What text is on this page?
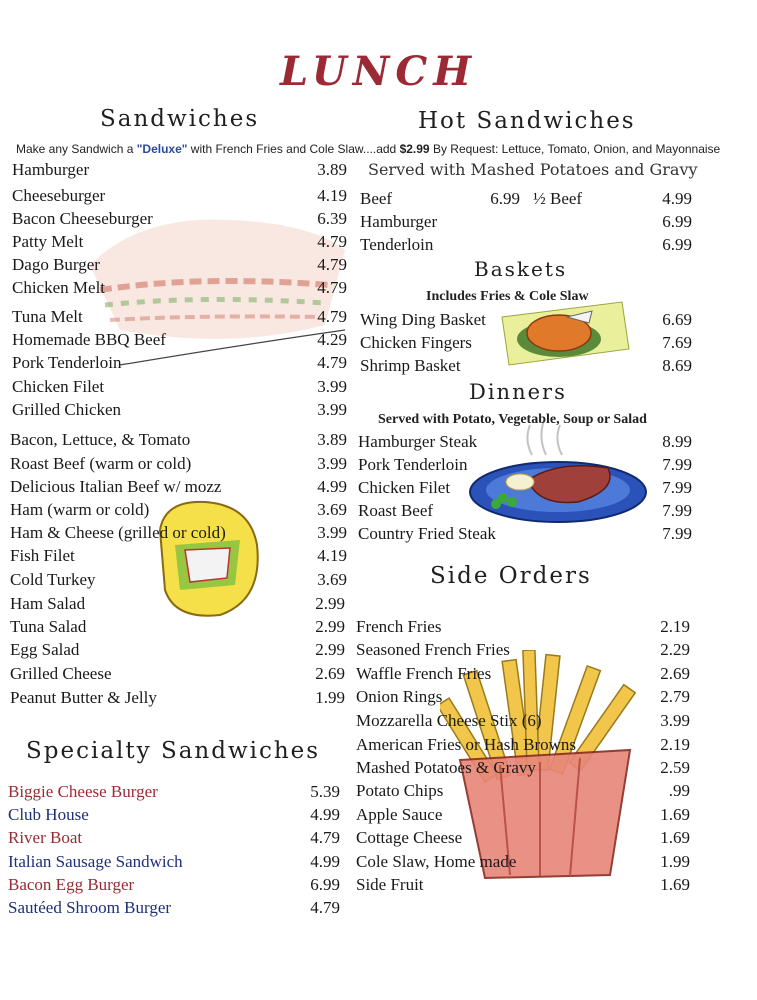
LUNCH
Sandwiches	Hot Sandwiches
Make any Sandwich a "Deluxe" with French Fries and Cole Slaw....add $2.99 By Request: Lettuce, Tomato, Onion, and Mayonnaise
Served with Mashed Potatoes and Gravy
Beef	6.99 ½ Beef	4.99
Hamburger	6.99
Tenderloin	6.99
Baskets
Includes Fries & Cole Slaw
Wing Ding Basket	6.69
Chicken Fingers	7.69
Shrimp Basket	8.69
Dinners
Served with Potato, Vegetable, Soup or Salad
Hamburger Steak	8.99
Pork Tenderloin	7.99
Chicken Filet	7.99
Roast Beef	7.99
Country Fried Steak	7.99
Side Orders
French Fries	2.19
Seasoned French Fries	2.29
Waffle French Fries	2.69
Onion Rings	2.79
Mozzarella Cheese Stix (6)	3.99
American Fries or Hash Browns	2.19
Mashed Potatoes & Gravy	2.59
Potato Chips	.99
Apple Sauce	1.69
Cottage Cheese	1.69
Cole Slaw, Home made	1.99
Side Fruit	1.69
Hamburger	3.89
Cheeseburger	4.19
Bacon Cheeseburger	6.39
Patty Melt	4.79
Dago Burger	4.79
Chicken Melt	4.79
Tuna Melt	4.79
Homemade BBQ Beef	4.29
Pork Tenderloin	4.79
Chicken Filet	3.99
Grilled Chicken	3.99
Bacon, Lettuce, & Tomato	3.89
Roast Beef (warm or cold)	3.99
Delicious Italian Beef w/ mozz	4.99
Ham (warm or cold)	3.69
Ham & Cheese (grilled or cold)	3.99
Fish Filet	4.19
Cold Turkey	3.69
Ham Salad	2.99
Tuna Salad	2.99
Egg Salad	2.99
Grilled Cheese	2.69
Peanut Butter & Jelly	1.99
Specialty Sandwiches
Biggie Cheese Burger	5.39
Club House	4.99
River Boat	4.79
Italian Sausage Sandwich	4.99
Bacon Egg Burger	6.99
Sautéed Shroom Burger	4.79
